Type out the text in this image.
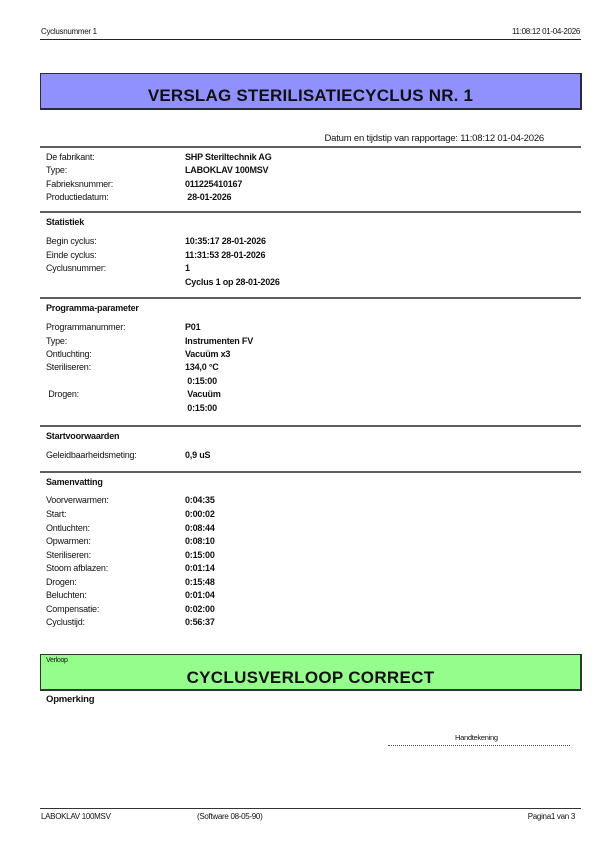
Cyclusnummer 1	11:08:12 01-04-2026
VERSLAG STERILISATIECYCLUS NR. 1
Datum en tijdstip van rapportage: 11:08:12 01-04-2026
De fabrikant:	SHP Steriltechnik AG
Type:	LABOKLAV 100MSV
Fabrieksnummer:	011225410167
Productiedatum:	28-01-2026
Statistiek
Begin cyclus:	10:35:17 28-01-2026
Einde cyclus:	11:31:53 28-01-2026
Cyclusnummer:	1
Cyclus 1 op 28-01-2026
Programma-parameter
Programmanummer:	P01
Type:	Instrumenten FV
Ontluchting:	Vacuüm x3
Steriliseren:	134,0 °C
0:15:00
Drogen:	Vacuüm
0:15:00
Startvoorwaarden
Geleidbaarheidsmeting:	0,9 uS
Samenvatting
Voorverwarmen:	0:04:35
Start:	0:00:02
Ontluchten:	0:08:44
Opwarmen:	0:08:10
Steriliseren:	0:15:00
Stoom afblazen:	0:01:14
Drogen:	0:15:48
Beluchten:	0:01:04
Compensatie:	0:02:00
Cyclustijd:	0:56:37
Verloop
CYCLUSVERLOOP CORRECT
Opmerking
Handtekening
LABOKLAV 100MSV	(Software 08-05-90)	Pagina1 van 3
